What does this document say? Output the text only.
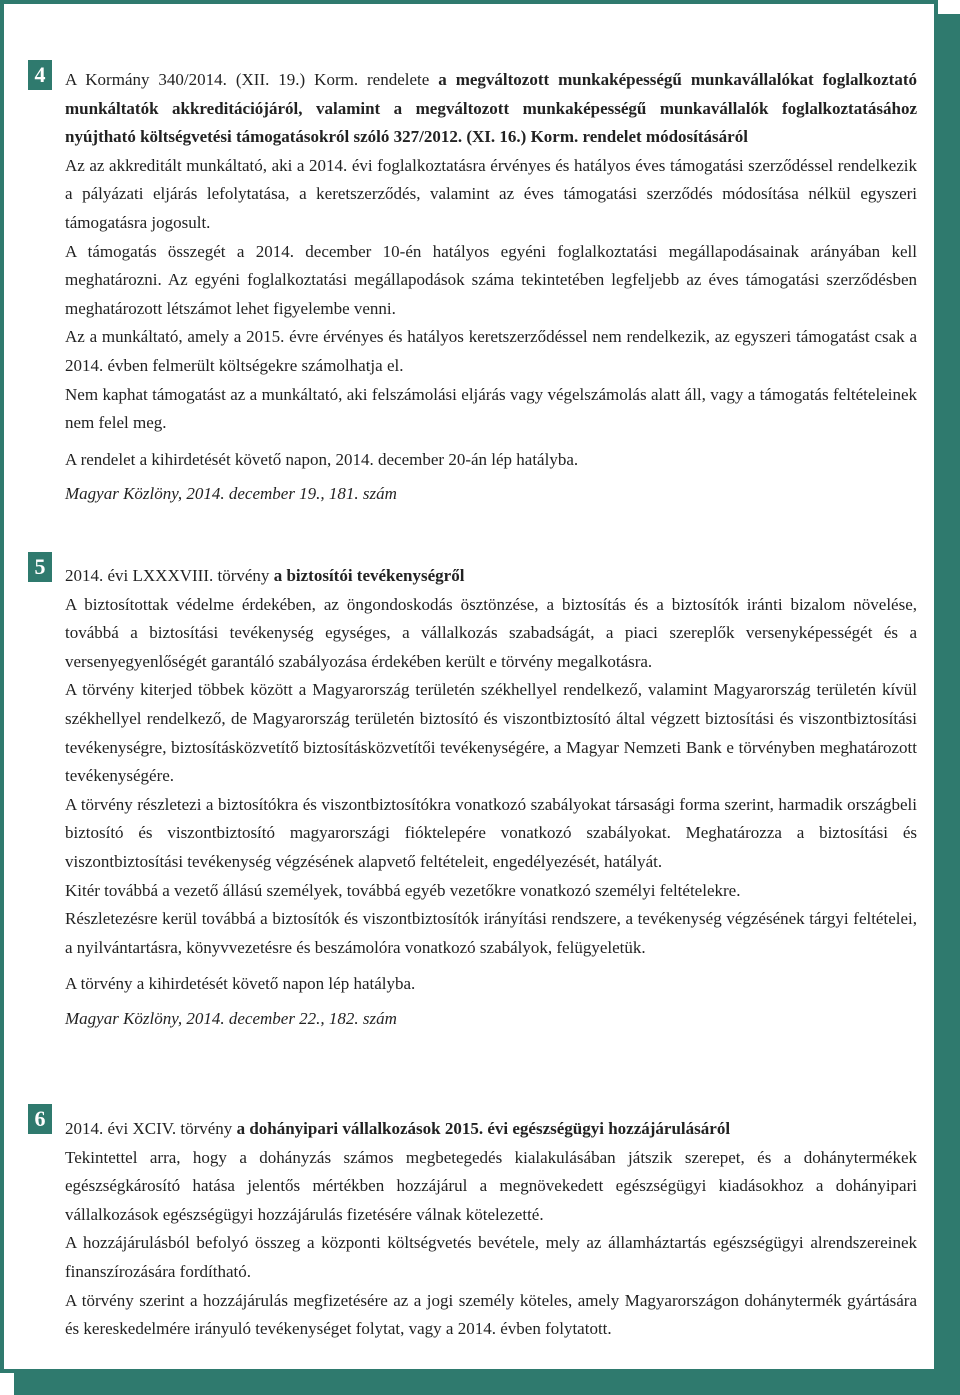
4	A Kormány 340/2014. (XII. 19.) Korm. rendelete a megváltozott munkaképességű munkavállalókat foglalkoztató munkáltatók akkreditációjáról, valamint a megváltozott munkaképességű munkavállalók foglalkoztatásához nyújtható költségvetési támogatásokról szóló 327/2012. (XI. 16.) Korm. rendelet módosításáról

Az az akkreditált munkáltató, aki a 2014. évi foglalkoztatásra érvényes és hatályos éves támogatási szerződéssel rendelkezik a pályázati eljárás lefolytatása, a keretszerződés, valamint az éves támogatási szerződés módosítása nélkül egyszeri támogatásra jogosult.

A támogatás összegét a 2014. december 10-én hatályos egyéni foglalkoztatási megállapodásainak arányában kell meghatározni. Az egyéni foglalkoztatási megállapodások száma tekintetében legfeljebb az éves támogatási szerződésben meghatározott létszámot lehet figyelembe venni.

Az a munkáltató, amely a 2015. évre érvényes és hatályos keretszerződéssel nem rendelkezik, az egyszeri támogatást csak a 2014. évben felmerült költségekre számolhatja el.

Nem kaphat támogatást az a munkáltató, aki felszámolási eljárás vagy végelszámolás alatt áll, vagy a támogatás feltételeinek nem felel meg.

A rendelet a kihirdetését követő napon, 2014. december 20-án lép hatályba.

Magyar Közlöny, 2014. december 19., 181. szám

5	2014. évi LXXXVIII. törvény a biztosítói tevékenységről

A biztosítottak védelme érdekében, az öngondoskodás ösztönzése, a biztosítás és a biztosítók iránti bizalom növelése, továbbá a biztosítási tevékenység egységes, a vállalkozás szabadságát, a piaci szereplők versenyképességét és a versenyegyenlőségét garantáló szabályozása érdekében került e törvény megalkotásra.

A törvény kiterjed többek között a Magyarország területén székhellyel rendelkező, valamint Magyarország területén kívül székhellyel rendelkező, de Magyarország területén biztosító és viszontbiztosító által végzett biztosítási és viszontbiztosítási tevékenységre, biztosításközvetítő biztosításközvetítői tevékenységére, a Magyar Nemzeti Bank e törvényben meghatározott tevékenységére.

A törvény részletezi a biztosítókra és viszontbiztosítókra vonatkozó szabályokat társasági forma szerint, harmadik országbeli biztosító és viszontbiztosító magyarországi fióktelepére vonatkozó szabályokat. Meghatározza a biztosítási és viszontbiztosítási tevékenység végzésének alapvető feltételeit, engedélyezését, hatályát.

Kitér továbbá a vezető állású személyek, továbbá egyéb vezetőkre vonatkozó személyi feltételekre.

Részletezésre kerül továbbá a biztosítók és viszontbiztosítók irányítási rendszere, a tevékenység végzésének tárgyi feltételei, a nyilvántartásra, könyvvezetésre és beszámolóra vonatkozó szabályok, felügyeletük.

A törvény a kihirdetését követő napon lép hatályba.

Magyar Közlöny, 2014. december 22., 182. szám

6	2014. évi XCIV. törvény a dohányipari vállalkozások 2015. évi egészségügyi hozzájárulásáról

Tekintettel arra, hogy a dohányzás számos megbetegedés kialakulásában játszik szerepet, és a dohánytermékek egészségkárosító hatása jelentős mértékben hozzájárul a megnövekedett egészségügyi kiadásokhoz a dohányipari vállalkozások egészségügyi hozzájárulás fizetésére válnak kötelezetté.

A hozzájárulásból befolyó összeg a központi költségvetés bevétele, mely az államháztartás egészségügyi alrendszereinek finanszírozására fordítható.

A törvény szerint a hozzájárulás megfizetésére az a jogi személy köteles, amely Magyarországon dohánytermék gyártására és kereskedelmére irányuló tevékenységet folytat, vagy a 2014. évben folytatott.
